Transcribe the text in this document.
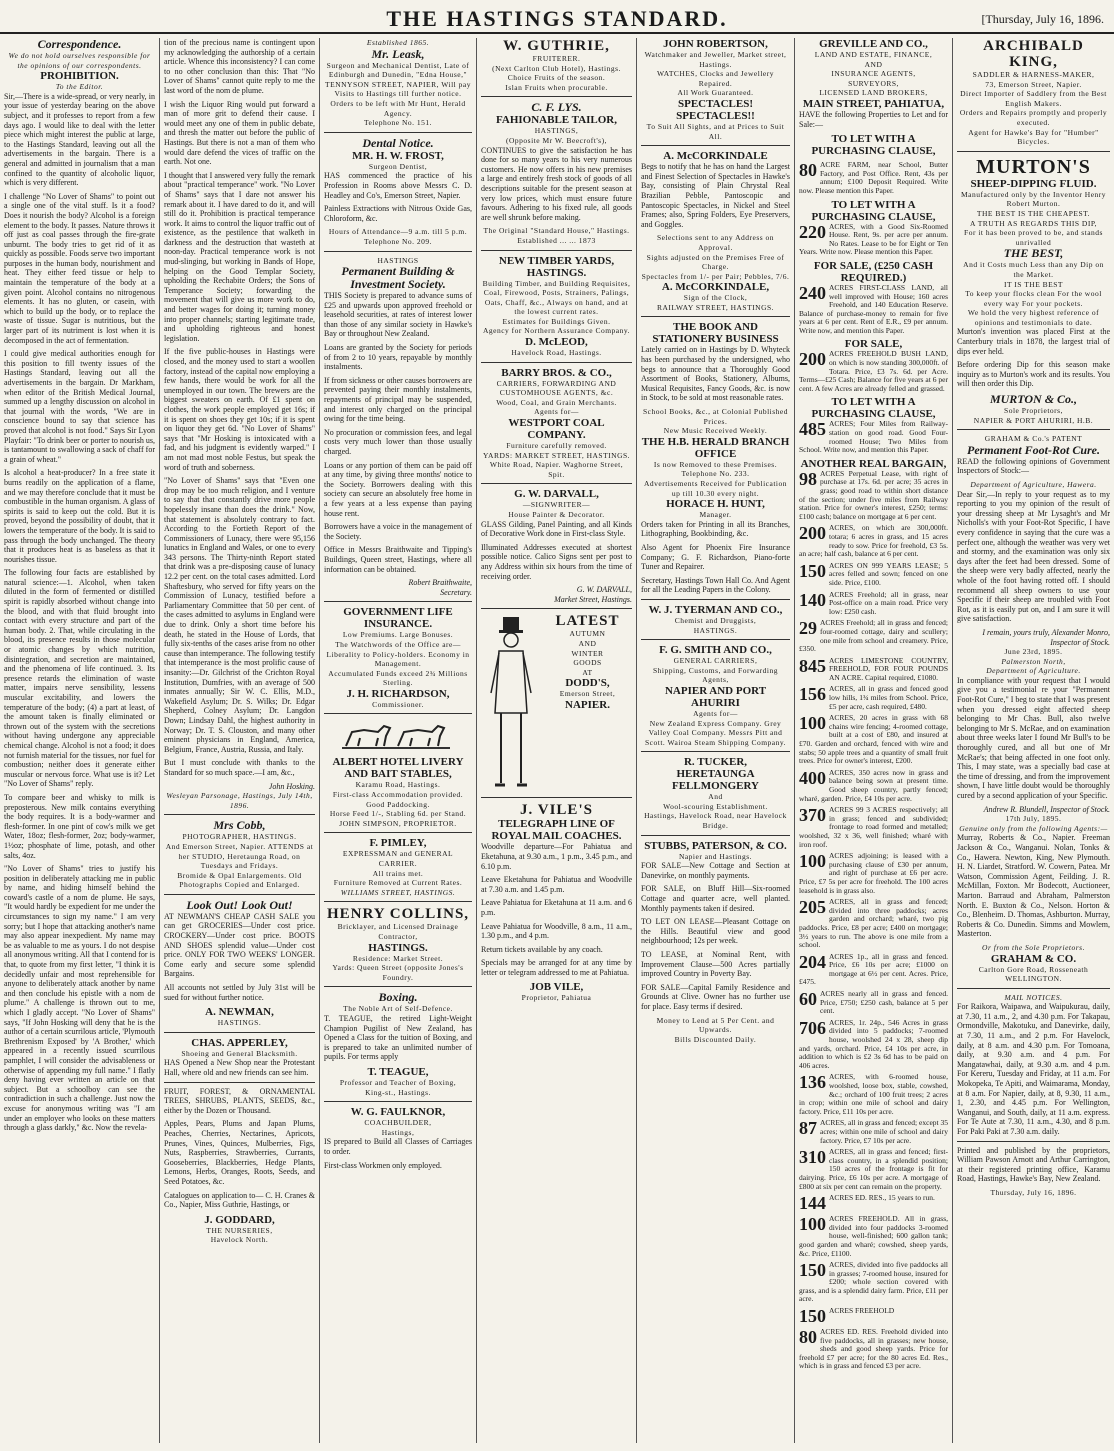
THE HASTINGS STANDARD.	[Thursday, July 16, 1896.
Correspondence.
We do not hold ourselves responsible for the opinions of our correspondents.
PROHIBITION.
To the Editor.

Sir,—There is a wide-spread, or very nearly, in your issue of yesterday bearing on the above subject, and it professes to report from a few days ago. I would like to deal with the letter piece which might interest the public at large, to the Hastings Standard, leaving out all the advertisements in the bargain. There is a general and admitted in journalism that a man confined to the quantity of alcoholic liquor, which is very different.

I challenge "No Lover of Shams" to point out a single one of the vital stuff. Is it a food? Does it nourish the body? Alcohol is a foreign element to the body. It passes. Nature throws it off just as coal passes through the fire-grate unburnt. The body tries to get rid of it as quickly as possible. Foods serve two important purposes in the human body, nourishment and heat. They either feed tissue or help to maintain the temperature of the body at a given point. Alcohol contains no nitrogenous elements. It has no gluten, or casein, with which to build up the body, or to replace the waste of tissue. Sugar is nutritious, but the larger part of its nutriment is lost when it is decomposed in the act of fermentation.

I could give medical authorities enough for this position to fill twenty issues of the Hastings Standard, leaving out all the advertisements in the bargain. Dr Markham, when editor of the British Medical Journal, summed up a lengthy discussion on alcohol in that journal with the words, "We are in conscience bound to say that science has proved that alcohol is not food." Says Sir Lyon Playfair: "To drink beer or porter to nourish us, is tantamount to swallowing a sack of chaff for a grain of wheat."

Is alcohol a heat-producer? In a free state it burns readily on the application of a flame, and we may therefore conclude that it must be combustible in the human organism. A glass of spirits is said to keep out the cold. But it is proved, beyond the possibility of doubt, that it lowers the temperature of the body. It is said to pass through the body unchanged. The theory that it produces heat is as baseless as that it nourishes tissue.

The following four facts are established by natural science:—1. Alcohol, when taken diluted in the form of fermented or distilled spirit is rapidly absorbed without change into the blood, and with that fluid brought into contact with every structure and part of the human body. 2. That, while circulating in the blood, its presence results in those molecular or atomic changes by which nutrition, disintegration, and secretion are maintained, and the phenomena of life continued. 3. Its presence retards the elimination of waste matter, impairs nerve sensibility, lessens muscular excitability, and lowers the temperature of the body; (4) a part at least, of the amount taken is finally eliminated or thrown out of the system with the secretions without having undergone any appreciable chemical change. Alcohol is not a food; it does not furnish material for the tissues, nor fuel for combustion; neither does it generate either muscular or nervous force. What use is it? Let "No Lover of Shams" reply.

To compare beer and whisky to milk is preposterous. New milk contains everything the body requires. It is a body-warmer and flesh-former. In one pint of cow's milk we get Water, 18oz; flesh-former, 2oz; body-warmer, 1½oz; phosphate of lime, potash, and other salts, 4oz.

"No Lover of Shams" tries to justify his position in deliberately attacking me in public by name, and hiding himself behind the coward's castle of a nom de plume. He says, "It would hardly be expedient for me under the circumstances to sign my name." I am very sorry; but I hope that attacking another's name may also appear inexpedient. My name may be as valuable to me as yours. I do not despise all anonymous writing. All that I contend for is that, to quote from my first letter, "I think it is decidedly unfair and most reprehensible for anyone to deliberately attack another by name and then conclude his epistle with a nom de plume." A challenge is thrown out to me, which I gladly accept. "No Lover of Shams" says, "If John Hosking will deny that he is the author of a certain scurrilous article, 'Plymouth Brethrenism Exposed' by 'A Brother,' which appeared in a recently issued scurrilous pamphlet, I will consider the advisableness or otherwise of appending my full name." I flatly deny having ever written an article on that subject. But a schoolboy can see the contradiction in such a challenge. Just now the excuse for anonymous writing was "I am under an employer who looks on these matters through a glass darkly," &c. Now the revela-

tion of the precious name is contingent upon my acknowledging the authorship of a certain article. Whence this inconsistency? I can come to no other conclusion than this: That "No Lover of Shams" cannot quite reply to me the last word of the nom de plume.

I wish the Liquor Ring would put forward a man of more grit to defend their cause. I would meet any one of them in public debate, and thresh the matter out before the public of Hastings. But there is not a man of them who would dare defend the vices of traffic on the earth. Not one.

I thought that I answered very fully the remark about "practical temperance" work. "No Lover of Shams" says that I dare not answer his remark about it. I have dared to do it, and will still do it. Prohibition is practical temperance work. It aims to control the liquor traffic out of existence, as the pestilence that walketh in darkness and the destruction that wasteth at noon-day. Practical temperance work is not mud-slinging, but working in Bands of Hope, helping on the Good Templar Society, upholding the Rechabite Orders; the Sons of Temperance Society; forwarding the movement that will give us more work to do, and better wages for doing it; turning money into proper channels; starting legitimate trade, and upholding righteous and honest legislation.

If the five public-houses in Hastings were closed, and the money used to start a woollen factory, instead of the capital now employing a few hands, there would be work for all the unemployed in our town. The brewers are the biggest sweaters on earth. Of £1 spent on clothes, the work people employed get 16s; if it is spent on shoes they get 10s; if it is spent on liquor they get 6d. "No Lover of Shams" says that "Mr Hosking is intoxicated with a fad, and his judgment is evidently warped." I am not mad most noble Festus, but speak the word of truth and soberness.

"No Lover of Shams" says that "Even one drop may be too much religion, and I venture to say that that constantly drive more people hopelessly insane than does the drink." Now, that statement is absolutely contrary to fact. According to the Fortieth Report of the Commissioners of Lunacy, there were 95,156 lunatics in England and Wales, or one to every 343 persons. The Thirty-ninth Report stated that drink was a pre-disposing cause of lunacy 12.2 per cent. on the total cases admitted. Lord Shaftesbury, who served for fifty years on the Commission of Lunacy, testified before a Parliamentary Committee that 50 per cent. of the cases admitted to asylums in England were due to drink. Only a short time before his death, he stated in the House of Lords, that fully six-tenths of the cases arise from no other cause than intemperance. The following testify that intemperance is the most prolific cause of insanity:—Dr. Gilchrist of the Crichton Royal Institution, Dumfries, with an average of 500 inmates annually; Sir W. C. Ellis, M.D., Wakefield Asylum; Dr. S. Wilks; Dr. Edgar Shepherd, Colney Asylum; Dr. Langdon Down; Lindsay Dahl, the highest authority in Norway; Dr. T. S. Clouston, and many other eminent physicians in England, America, Belgium, France, Austria, Russia, and Italy.

But I must conclude with thanks to the Standard for so much space.—I am, &c.,

John Hosking.
Wesleyan Parsonage, Hastings, July 14th, 1896.
Mrs Cobb,
PHOTOGRAPHER, HASTINGS.
And Emerson Street, Napier. ATTENDS at her STUDIO, Heretaunga Road, on Tuesdays and Fridays.
Bromide & Opal Enlargements. Old Photographs Copied and Enlarged.
Look Out! Look Out!
AT NEWMAN'S CHEAP CASH SALE you can get GROCERIES—Under cost price. CROCKERY—Under cost price. BOOTS AND SHOES splendid value—Under cost price. ONLY FOR TWO WEEKS' LONGER. Come early and secure some splendid Bargains.
All accounts not settled by July 31st will be sued for without further notice.
A. NEWMAN,
HASTINGS.
CHAS. APPERLEY,
Shoeing and General Blacksmith.
HAS Opened a New Shop near the Protestant Hall, where old and new friends can see him.
FRUIT, FOREST, & ORNAMENTAL TREES, SHRUBS, PLANTS, SEEDS, &c., either by the Dozen or Thousand.
Apples, Pears, Plums and Japan Plums, Peaches, Cherries, Nectarines, Apricots, Prunes, Vines, Quinces, Mulberries, Figs, Nuts, Raspberries, Strawberries, Currants, Gooseberries, Blackberries, Hedge Plants, Lemons, Herbs, Oranges, Roots, Seeds, and Seed Potatoes, &c.
Catalogues on application to— C. H. Cranes & Co., Napier, Miss Guthrie, Hastings, or
J. GODDARD,
THE NURSERIES,
Havelock North.
Established 1865.
Mr. Leask,
Surgeon and Mechanical Dentist, Late of Edinburgh and Dunedin, "Edna House," TENNYSON STREET, NAPIER, Will pay Visits to Hastings till further notice.
Orders to be left with Mr Hunt, Herald Agency.
Telephone No. 151.
Dental Notice.
MR. H. W. FROST,
Surgeon Dentist,
HAS commenced the practice of his Profession in Rooms above Messrs C. D. Headley and Co's, Emerson Street, Napier.
Painless Extractions with Nitrous Oxide Gas, Chloroform, &c.
Hours of Attendance—9 a.m. till 5 p.m.
Telephone No. 209.
HASTINGS
Permanent Building & Investment Society.
THIS Society is prepared to advance sums of £25 and upwards upon approved freehold or leasehold securities, at rates of interest lower than those of any similar society in Hawke's Bay or throughout New Zealand.
Loans are granted by the Society for periods of from 2 to 10 years, repayable by monthly instalments.
If from sickness or other causes borrowers are prevented paying their monthly instalments, repayments of principal may be suspended, and interest only charged on the principal owing for the time being.
No procuration or commission fees, and legal costs very much lower than those usually charged.
Loans or any portion of them can be paid off at any time, by giving three months' notice to the Society. Borrowers dealing with this society can secure an absolutely free home in a few years at a less expense than paying house rent.
Borrowers have a voice in the management of the Society.
Office in Messrs Braithwaite and Tipping's Buildings, Queen street, Hastings, where all information can be obtained.
Robert Braithwaite,
Secretary.
GOVERNMENT LIFE INSURANCE.
Low Premiums. Large Bonuses.
The Watchwords of the Office are— Liberality to Policy-holders. Economy in Management.
Accumulated Funds exceed 2¾ Millions Sterling.
J. H. RICHARDSON,
Commissioner.
ALBERT HOTEL LIVERY AND BAIT STABLES,
Karamu Road, Hastings.
First-class Accommodation provided. Good Paddocking.
Horse Feed 1/-, Stabling 6d. per Stand.
JOHN SIMPSON, PROPRIETOR.
F. PIMLEY,
EXPRESSMAN and GENERAL CARRIER.
All trains met.
Furniture Removed at Current Rates.
WILLIAMS STREET, HASTINGS.
HENRY COLLINS,
Bricklayer, and Licensed Drainage Contractor,
HASTINGS.
Residence: Market Street.
Yards: Queen Street (opposite Jones's Foundry.
Boxing.
The Noble Art of Self-Defence.
T. TEAGUE, the retired Light-Weight Champion Pugilist of New Zealand, has Opened a Class for the tuition of Boxing, and is prepared to take an unlimited number of pupils. For terms apply
T. TEAGUE,
Professor and Teacher of Boxing,
King-st., Hastings.
W. G. FAULKNOR,
COACHBUILDER,
Hastings,
IS prepared to Build all Classes of Carriages to order.
First-class Workmen only employed.
W. GUTHRIE,
FRUITERER.
(Next Carlton Club Hotel), Hastings.
Choice Fruits of the season.
Islan Fruits when procurable.
C. F. LYS.
FAHIONABLE TAILOR,
HASTINGS,
(Opposite Mr W. Beecroft's),
CONTINUES to give the satisfaction he has done for so many years to his very numerous customers. He now offers in his new premises a large and entirely fresh stock of goods of all descriptions suitable for the present season at very low prices, which must ensure future favours. Adhering to his fixed rule, all goods are well shrunk before making.
The Original "Standard House," Hastings.
Established ... ... 1873
NEW TIMBER YARDS, HASTINGS.
Building Timber, and Building Requisites, Coal, Firewood, Posts, Strainers, Palings, Oats, Chaff, &c., Always on hand, and at the lowest current rates.
Estimates for Buildings Given.
Agency for Northern Assurance Company.
D. McLEOD,
Havelock Road, Hastings.
BARRY BROS. & CO.,
CARRIERS, FORWARDING AND CUSTOMHOUSE AGENTS, &c.
Wood, Coal, and Grain Merchants.
Agents for—
WESTPORT COAL COMPANY.
Furniture carefully removed.
YARDS: MARKET STREET, HASTINGS. White Road, Napier. Waghorne Street, Spit.
G. W. DARVALL,
—SIGNWRITER—
House Painter & Decorator.
GLASS Gilding, Panel Painting, and all Kinds of Decorative Work done in First-class Style.
Illuminated Addresses executed at shortest possible notice. Calico Signs sent per post to any Address within six hours from the time of receiving order.
G. W. DARVALL,
Market Street, Hastings.
LATEST
AUTUMN
AND
WINTER
GOODS
AT
DODD'S,
Emerson Street,
NAPIER.
J. VILE'S
TELEGRAPH LINE OF ROYAL MAIL COACHES.
Woodville departure—For Pahiatua and Eketahuna, at 9.30 a.m., 1 p.m., 3.45 p.m., and 6.10 p.m.
Leave Eketahuna for Pahiatua and Woodville at 7.30 a.m. and 1.45 p.m.
Leave Pahiatua for Eketahuna at 11 a.m. and 6 p.m.
Leave Pahiatua for Woodville, 8 a.m., 11 a.m., 1.30 p.m., and 4 p.m.
Return tickets available by any coach.
Specials may be arranged for at any time by letter or telegram addressed to me at Pahiatua.
JOB VILE,
Proprietor, Pahiatua
JOHN ROBERTSON,
Watchmaker and Jeweller, Market street, Hastings.
WATCHES, Clocks and Jewellery Repaired.
All Work Guaranteed.
SPECTACLES! SPECTACLES!!
To Suit All Sights, and at Prices to Suit All.
A. McCORKINDALE
Begs to notify that he has on hand the Largest and Finest Selection of Spectacles in Hawke's Bay, consisting of Plain Chrystal Real Brazilian Pebble, Pantoscopic and Pantoscopic Spectacles, in Nickel and Steel Frames; also, Spring Folders, Eye Preservers, and Goggles.
Selections sent to any Address on Approval.
Sights adjusted on the Premises Free of Charge.
Spectacles from 1/- per Pair; Pebbles, 7/6.
A. McCORKINDALE,
Sign of the Clock,
RAILWAY STREET, HASTINGS.
THE BOOK AND STATIONERY BUSINESS
Lately carried on in Hastings by D. Whyteck has been purchased by the undersigned, who begs to announce that a Thoroughly Good Assortment of Books, Stationery, Albums, Musical Requisites, Fancy Goods, &c. is now in Stock, to be sold at most reasonable rates.
School Books, &c., at Colonial Published Prices.
New Music Received Weekly.
THE H.B. HERALD BRANCH OFFICE
Is now Removed to these Premises. Telephone No. 233.
Advertisements Received for Publication up till 10.30 every night.
HORACE H. HUNT,
Manager.
Orders taken for Printing in all its Branches, Lithographing, Bookbinding, &c.
Also Agent for Phoenix Fire Insurance Company; G. F. Richardson, Piano-forte Tuner and Repairer.
Secretary, Hastings Town Hall Co. And Agent for all the Leading Papers in the Colony.
W. J. TYERMAN AND CO.,
Chemist and Druggists,
HASTINGS.
F. G. SMITH AND CO.,
GENERAL CARRIERS,
Shipping, Customs, and Forwarding Agents,
NAPIER AND PORT AHURIRI
Agents for—
New Zealand Express Company. Grey Valley Coal Company. Messrs Pitt and Scott. Wairoa Steam Shipping Company.
R. TUCKER,
HERETAUNGA FELLMONGERY
And
Wool-scouring Establishment.
Hastings, Havelock Road, near Havelock Bridge.
STUBBS, PATERSON, & CO.
Napier and Hastings.
FOR SALE—New Cottage and Section at Danevirke, on monthly payments.
FOR SALE, on Bluff Hill—Six-roomed Cottage and quarter acre, well planted. Monthly payments taken if desired.
TO LET ON LEASE—Pleasant Cottage on the Hills. Beautiful view and good neighbourhood; 12s per week.
TO LEASE, at Nominal Rent, with Improvement Clause—500 Acres partially improved Country in Poverty Bay.
FOR SALE—Capital Family Residence and Grounds at Clive. Owner has no further use for place. Easy terms if desired.
Money to Lend at 5 Per Cent. and Upwards.
Bills Discounted Daily.
GREVILLE AND CO.,
LAND AND ESTATE, FINANCE,
AND
INSURANCE AGENTS,
SURVEYORS,
LICENSED LAND BROKERS,
MAIN STREET, PAHIATUA,
HAVE the following Properties to Let and for Sale:—
TO LET WITH A PURCHASING CLAUSE,
80 ACRE FARM, near School, Butter Factory, and Post Office. Rent, 43s per annum; £100 Deposit Required. Write now. Please mention this Paper.
TO LET WITH A PURCHASING CLAUSE,
220 ACRES, with a Good Six-Roomed House. Rent, 9s. per acre per annum. No Rates. Lease to be for Eight or Ten Years. Write now. Please mention this Paper.
FOR SALE, (£250 CASH REQUIRED.)
240 ACRES FIRST-CLASS LAND, all well improved with House; 160 acres Freehold, and 140 Education Reserve. Balance of purchase-money to remain for five years at 6 per cent. Rent of E.R., £9 per annum. Write now, and mention this Paper.
FOR SALE,
200 ACRES FREEHOLD BUSH LAND, on which is now standing 300,000ft. of Totara. Price, £3 7s. 6d. per Acre. Terms—£25 Cash; Balance for five years at 6 per cent. A few Acres are already felled and grassed.
TO LET WITH A PURCHASING CLAUSE,
485 ACRES; Four Miles from Railway-station on good road. Good Four-roomed House; Two Miles from School. Write now, and mention this Paper.
ANOTHER REAL BARGAIN,
98 ACRES Perpetual Lease, with right of purchase at 17s. 6d. per acre; 35 acres in grass; good road to within short distance of the section; under five miles from Railway station. Price for owner's interest, £250; terms: £100 cash; balance on mortgage at 6 per cent.
200 ACRES, on which are 300,000ft. totara; 6 acres in grass, and 15 acres ready to sow. Price for freehold, £3 5s. an acre; half cash, balance at 6 per cent.
150 ACRES ON 999 YEARS LEASE; 5 acres felled and sown; fenced on one side. Price, £100.
140 ACRES Freehold; all in grass, near Post-office on a main road. Price very low: £250 cash.
29 ACRES Freehold; all in grass and fenced; four-roomed cottage, dairy and scullery; one mile from school and creamery. Price, £350.
845 ACRES LIMESTONE COUNTRY, FREEHOLD, FOR FOUR POUNDS AN ACRE. Capital required, £1080.
156 ACRES, all in grass and fenced good low hills, 1¾ miles from School. Price, £5 per acre, cash required, £480.
100 ACRES, 20 acres in grass with 68 chains wire fencing; 4-roomed cottage, built at a cost of £80, and insured at £70. Garden and orchard, fenced with wire and stabs; 50 apple trees and a quantity of small fruit trees. Price for owner's interest, £200.
400 ACRES, 350 acres now in grass and balance being sown at present time. Good sheep country, partly fenced; wharé, garden. Price, £4 10s per acre.
370 ACRES 99 3 ACRES respectively; all in grass; fenced and subdivided; frontage to road formed and metalled; woolshed, 32 x 36, well finished; wharé with iron roof.
100 ACRES adjoining; is leased with a purchasing clause of £30 per annum, and right of purchase at £6 per acre. Price, £7 5s per acre for freehold. The 100 acres leasehold is in grass also.
205 ACRES, all in grass and fenced; divided into three paddocks; acres garden and orchard; wharé, two pig paddocks. Price, £8 per acre; £400 on mortgage; 3½ years to run. The above is one mile from a school.
204 ACRES 1p., all in grass and fenced. Price, £6 10s per acre; £1000 on mortgage at 6½ per cent. Acres. Price, £475.
60 ACRES nearly all in grass and fenced. Price, £750; £250 cash, balance at 5 per cent.
706 ACRES, 1r. 24p., 546 Acres in grass divided into 5 paddocks; 7-roomed house, woolshed 24 x 28, sheep dip and yards, orchard. Price, £4 10s per acre, in addition to which is £2 3s 6d has to be paid on 406 acres.
136 ACRES, with 6-roomed house, woolshed, loose box, stable, cowshed, &c.; orchard of 100 fruit trees; 2 acres in crop; within one mile of school and dairy factory. Price, £11 10s per acre.
87 ACRES, all in grass and fenced; except 35 acres; within one mile of school and dairy factory. Price, £7 10s per acre.
310 ACRES, all in grass and fenced; first-class country, in a splendid position; 150 acres of the frontage is fit for dairying. Price, £6 10s per acre. A mortgage of £800 at six per cent can remain on the property.
144 ACRES ED. RES., 15 years to run.
100 ACRES FREEHOLD. All in grass, divided into four paddocks 3-roomed house, well-finished; 600 gallon tank; good garden and wharé; cowshed, sheep yards, &c. Price, £1100.
150 ACRES, divided into five paddocks all in grasses; 7-roomed house, insured for £200; whole section covered with grass, and is a splendid dairy farm. Price, £11 per acre.
150 ACRES FREEHOLD
80 ACRES ED. RES. Freehold divided into five paddocks, all in grasses; new house, sheds and good sheep yards. Price for freehold £7 per acre; for the 80 acres Ed. Res., which is in grass and fenced £3 per acre.
ARCHIBALD KING,
SADDLER & HARNESS-MAKER,
73, Emerson Street, Napier.
Direct Importer of Saddlery from the Best English Makers.
Orders and Repairs promptly and properly executed.
Agent for Hawke's Bay for "Humber" Bicycles.
MURTON'S
SHEEP-DIPPING FLUID.
Manufactured only by the Inventor Henry Robert Murton.
THE BEST IS THE CHEAPEST.
A TRUTH AS REGARDS THIS DIP,
For it has been proved to be, and stands unrivalled
THE BEST,
And it Costs much Less than any Dip on the Market.
IT IS THE BEST
To keep your flocks clean For the wool every way For your pockets.
We hold the very highest reference of opinions and testimonials to date.
Murton's invention was placed First at the Canterbury trials in 1878, the largest trial of dips ever held.
Before ordering Dip for this season make inquiry as to Murton's work and its results. You will then order this Dip.
MURTON & Co.,
Sole Proprietors,
NAPIER & PORT AHURIRI, H.B.
GRAHAM & Co.'s PATENT
Permanent Foot-Rot Cure.
READ the following opinions of Government Inspectors of Stock:—
Department of Agriculture, Hawera.
Dear Sir,—In reply to your request as to my reporting to you my opinion of the result of your dressing sheep at Mr Lysaght's and Mr Nicholls's with your Foot-Rot Specific, I have every confidence in saying that the cure was a perfect one, although the weather was very wet and stormy, and the examination was only six days after the feet had been dressed. Some of the sheep were very badly affected, nearly the whole of the foot having rotted off. I should recommend all sheep owners to use your Specific if their sheep are troubled with Foot Rot, as it is easily put on, and I am sure it will give satisfaction.
I remain, yours truly, Alexander Monro, Inspector of Stock.
June 23rd, 1895.
Palmerston North,
Department of Agriculture.
In compliance with your request that I would give you a testimonial re your "Permanent Foot-Rot Cure," I beg to state that I was present when you dressed eight affected sheep belonging to Mr Chas. Bull, also twelve belonging to Mr S. McRae, and on examination about three weeks later I found Mr Bull's to be thoroughly cured, and all but one of Mr McRae's; that being affected in one foot only. This, I may state, was a specially bad case at the time of dressing, and from the improvement shown, I have little doubt would be thoroughly cured by a second application of your Specific.
Andrew R. Blundell, Inspector of Stock.
17th July, 1895.
Genuine only from the following Agents:—
Murray, Roberts & Co., Napier. Freeman Jackson & Co., Wanganui. Nolan, Tonks & Co., Hawera. Newton, King, New Plymouth. H. N. Liardet, Stratford. W. Cowern, Patea. Mr Watson, Commission Agent, Feilding. J. R. McMillan, Foxton. Mr Bodecott, Auctioneer, Marton. Barraud and Abraham, Palmerston North. E. Buxton & Co., Nelson. Horton & Co., Blenheim. D. Thomas, Ashburton. Murray, Roberts & Co. Dunedin. Simms and Mowlem, Masterton.
Or from the Sole Proprietors.
GRAHAM & CO.
Carlton Gore Road, Rosseneath
WELLINGTON.
MAIL NOTICES.
For Raikora, Waipawa, and Waipukurau, daily, at 7.30, 11 a.m., 2, and 4.30 p.m. For Takapau, Ormondville, Makotuku, and Danevirke, daily, at 7.30, 11 a.m., and 2 p.m. For Havelock, daily, at 8 a.m. and 4.30 p.m. For Tomoana, daily, at 9.30 a.m. and 4 p.m. For Mangatawhai, daily, at 9.30 a.m. and 4 p.m. For Kereru, Tuesday and Friday, at 11 a.m. For Mokopeka, Te Apiti, and Waimarama, Monday, at 8 a.m. For Napier, daily, at 8, 9.30, 11 a.m., 1, 2.30, and 4.45 p.m. For Wellington, Wanganui, and South, daily, at 11 a.m. express. For Te Aute at 7.30, 11 a.m., 4.30, and 8 p.m. For Paki Paki at 7.30 a.m. daily.
Printed and published by the proprietors, William Pawson Arnott and Arthur Carrington, at their registered printing office, Karamu Road, Hastings, Hawke's Bay, New Zealand.
Thursday, July 16, 1896.
